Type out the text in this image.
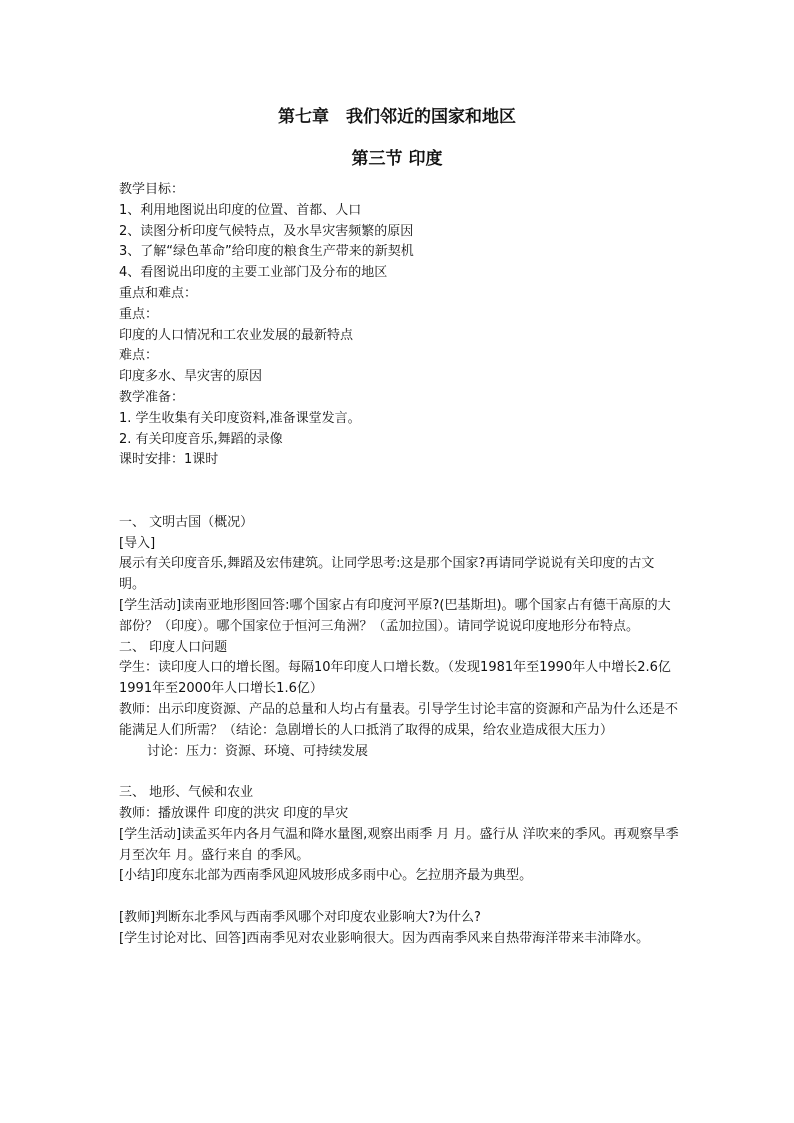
第七章　我们邻近的国家和地区
第三节 印度

教学目标：

1、利用地图说出印度的位置、首都、人口

2、读图分析印度气候特点，及水旱灾害频繁的原因

3、了解“绿色革命”给印度的粮食生产带来的新契机

4、看图说出印度的主要工业部门及分布的地区

重点和难点：

重点：

印度的人口情况和工农业发展的最新特点

难点：

印度多水、旱灾害的原因

教学准备：

1. 学生收集有关印度资料,准备课堂发言。

2. 有关印度音乐,舞蹈的录像

课时安排：1课时

一、 文明古国（概况）

[导入]

展示有关印度音乐,舞蹈及宏伟建筑。让同学思考:这是那个国家?再请同学说说有关印度的古文明。

[学生活动]读南亚地形图回答:哪个国家占有印度河平原?(巴基斯坦)。哪个国家占有德干高原的大部份？（印度）。哪个国家位于恒河三角洲？（孟加拉国）。请同学说说印度地形分布特点。

二、 印度人口问题

学生：读印度人口的增长图。每隔10年印度人口增长数。（发现1981年至1990年人中增长2.6亿 1991年至2000年人口增长1.6亿）

教师：出示印度资源、产品的总量和人均占有量表。引导学生讨论丰富的资源和产品为什么还是不能满足人们所需？（结论：急剧增长的人口抵消了取得的成果，给农业造成很大压力）

讨论：压力：资源、环境、可持续发展

三、 地形、气候和农业

教师：播放课件 印度的洪灾 印度的旱灾

[学生活动]读孟买年内各月气温和降水量图,观察出雨季 月 月。盛行从 洋吹来的季风。再观察旱季 月至次年 月。盛行来自 的季风。

[小结]印度东北部为西南季风迎风坡形成多雨中心。乞拉朋齐最为典型。

[教师]判断东北季风与西南季风哪个对印度农业影响大?为什么?

[学生讨论对比、回答]西南季见对农业影响很大。因为西南季风来自热带海洋带来丰沛降水。
